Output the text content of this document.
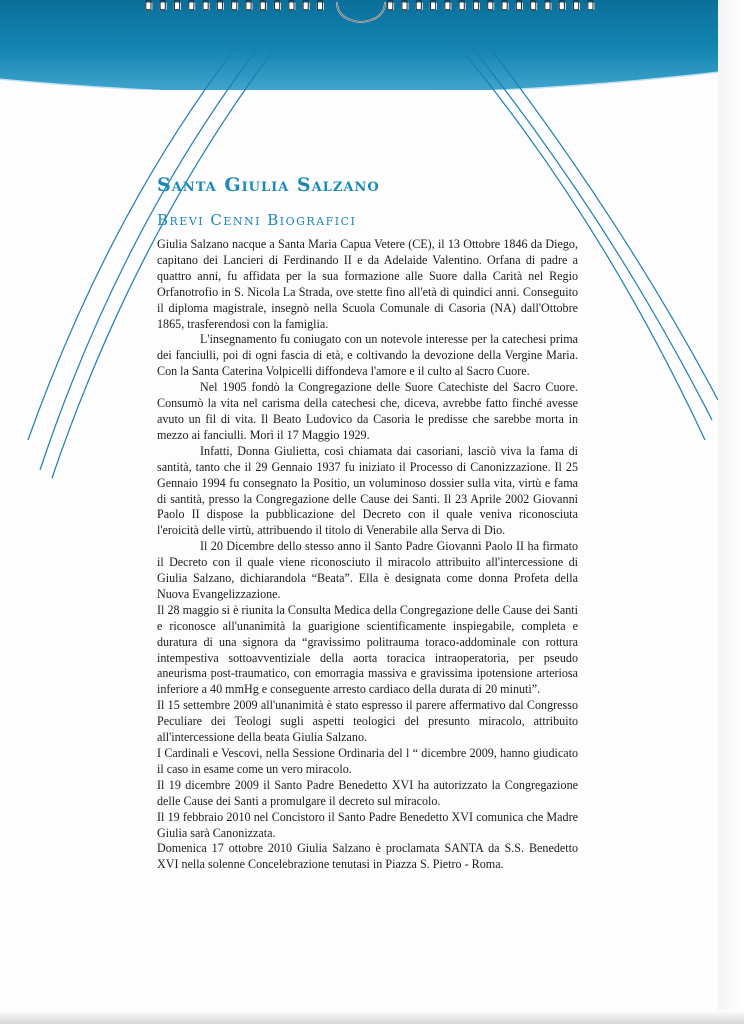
Santa Giulia Salzano
Brevi Cenni Biografici

Giulia Salzano nacque a Santa Maria Capua Vetere (CE), il 13 Ottobre 1846 da Diego, capitano dei Lancieri di Ferdinando II e da Adelaide Valentino. Orfana di padre a quattro anni, fu affidata per la sua formazione alle Suore dalla Carità nel Regio Orfanotrofio in S. Nicola La Strada, ove stette fino all'età di quindici anni. Conseguito il diploma magistrale, insegnò nella Scuola Comunale di Casoria (NA) dall'Ottobre 1865, trasferendosi con la famiglia.

L'insegnamento fu coniugato con un notevole interesse per la catechesi prima dei fanciulli, poi di ogni fascia di età, e coltivando la devozione della Vergine Maria. Con la Santa Caterina Volpicelli diffondeva l'amore e il culto al Sacro Cuore.

Nel 1905 fondò la Congregazione delle Suore Catechiste del Sacro Cuore. Consumò la vita nel carisma della catechesi che, diceva, avrebbe fatto finché avesse avuto un fil di vita. Il Beato Ludovico da Casoria le predisse che sarebbe morta in mezzo ai fanciulli. Morì il 17 Maggio 1929.

Infatti, Donna Giulietta, così chiamata dai casoriani, lasciò viva la fama di santità, tanto che il 29 Gennaio 1937 fu iniziato il Processo di Canonizzazione. Il 25 Gennaio 1994 fu consegnato la Positio, un voluminoso dossier sulla vita, virtù e fama di santità, presso la Congregazione delle Cause dei Santi. Il 23 Aprile 2002 Giovanni Paolo II dispose la pubblicazione del Decreto con il quale veniva riconosciuta l'eroicità delle virtù, attribuendo il titolo di Venerabile alla Serva di Dio.

Il 20 Dicembre dello stesso anno il Santo Padre Giovanni Paolo II ha firmato il Decreto con il quale viene riconosciuto il miracolo attribuito all'intercessione di Giulia Salzano, dichiarandola “Beata”. Ella è designata come donna Profeta della Nuova Evangelizzazione.

Il 28 maggio si è riunita la Consulta Medica della Congregazione delle Cause dei Santi e riconosce all'unanimità la guarigione scientificamente inspiegabile, completa e duratura di una signora da “gravissimo politrauma toraco-addominale con rottura intempestiva sottoavventiziale della aorta toracica intraoperatoria, per pseudo aneurisma post-traumatico, con emorragia massiva e gravissima ipotensione arteriosa inferiore a 40 mmHg e conseguente arresto cardiaco della durata di 20 minuti”.

Il 15 settembre 2009 all'unanimità è stato espresso il parere affermativo dal Congresso Peculiare dei Teologi sugli aspetti teologici del presunto miracolo, attribuito all'intercessione della beata Giulia Salzano.

I Cardinali e Vescovi, nella Sessione Ordinaria del l “ dicembre 2009, hanno giudicato il caso in esame come un vero miracolo.

Il 19 dicembre 2009 il Santo Padre Benedetto XVI ha autorizzato la Congregazione delle Cause dei Santi a promulgare il decreto sul miracolo.

Il 19 febbraio 2010 nel Concistoro il Santo Padre Benedetto XVI comunica che Madre Giulia sarà Canonizzata.

Domenica 17 ottobre 2010 Giulia Salzano è proclamata SANTA da S.S. Benedetto XVI nella solenne Concelebrazione tenutasi in Piazza S. Pietro - Roma.
